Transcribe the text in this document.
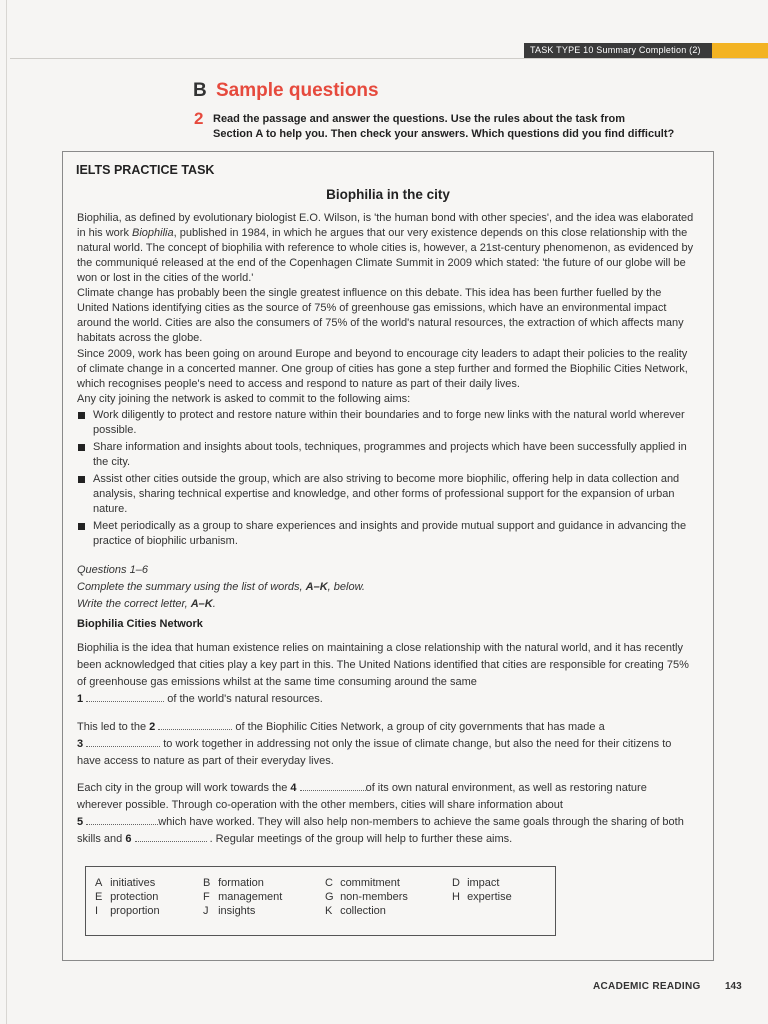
TASK TYPE 10 Summary Completion (2)
B Sample questions
2 Read the passage and answer the questions. Use the rules about the task from
Section A to help you. Then check your answers. Which questions did you find difficult?
IELTS PRACTICE TASK
Biophilia in the city
Biophilia, as defined by evolutionary biologist E.O. Wilson, is 'the human bond with other species', and the idea was elaborated in his work Biophilia, published in 1984, in which he argues that our very existence depends on this close relationship with the natural world. The concept of biophilia with reference to whole cities is, however, a 21st-century phenomenon, as evidenced by the communiqué released at the end of the Copenhagen Climate Summit in 2009 which stated: 'the future of our globe will be won or lost in the cities of the world.'
Climate change has probably been the single greatest influence on this debate. This idea has been further fuelled by the United Nations identifying cities as the source of 75% of greenhouse gas emissions, which have an environmental impact around the world. Cities are also the consumers of 75% of the world's natural resources, the extraction of which affects many habitats across the globe.
Since 2009, work has been going on around Europe and beyond to encourage city leaders to adapt their policies to the reality of climate change in a concerted manner. One group of cities has gone a step further and formed the Biophilic Cities Network, which recognises people's need to access and respond to nature as part of their daily lives.
Any city joining the network is asked to commit to the following aims:
Work diligently to protect and restore nature within their boundaries and to forge new links with the natural world wherever possible.
Share information and insights about tools, techniques, programmes and projects which have been successfully applied in the city.
Assist other cities outside the group, which are also striving to become more biophilic, offering help in data collection and analysis, sharing technical expertise and knowledge, and other forms of professional support for the expansion of urban nature.
Meet periodically as a group to share experiences and insights and provide mutual support and guidance in advancing the practice of biophilic urbanism.
Questions 1–6
Complete the summary using the list of words, A–K, below.
Write the correct letter, A–K.
Biophilia Cities Network
Biophilia is the idea that human existence relies on maintaining a close relationship with the natural world, and it has recently been acknowledged that cities play a key part in this. The United Nations identified that cities are responsible for creating 75% of greenhouse gas emissions whilst at the same time consuming around the same
1	of the world's natural resources.
This led to the 2	of the Biophilic Cities Network, a group of city governments that has made a
3	to work together in addressing not only the issue of climate change, but also the need for their citizens to have access to nature as part of their everyday lives.
Each city in the group will work towards the 4	of its own natural environment, as well as restoring nature wherever possible. Through co-operation with the other members, cities will share information about
5	which have worked. They will also help non-members to achieve the same goals through the sharing of both skills and 6	. Regular meetings of the group will help to further these aims.
A initiatives	B formation	C commitment	D impact
E protection	F management	G non-members	H expertise
I proportion	J insights	K collection
ACADEMIC READING 143
